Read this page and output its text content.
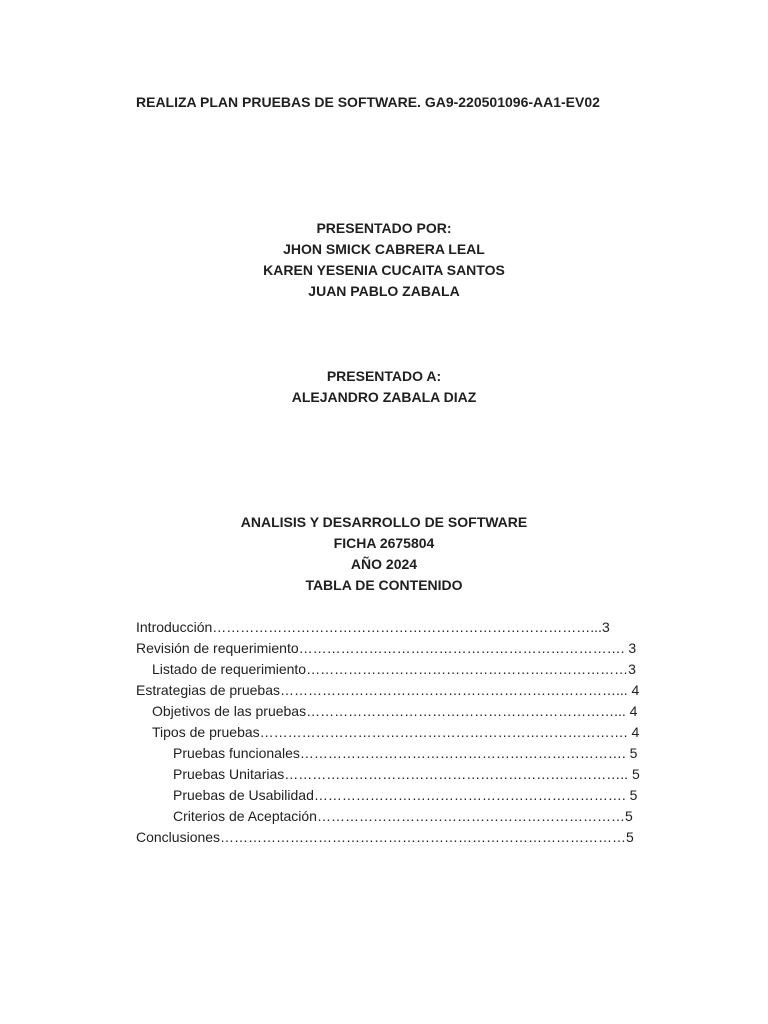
REALIZA PLAN PRUEBAS DE SOFTWARE. GA9-220501096-AA1-EV02
PRESENTADO POR:
JHON SMICK CABRERA LEAL
KAREN YESENIA CUCAITA SANTOS
JUAN PABLO ZABALA
PRESENTADO A:
ALEJANDRO ZABALA DIAZ
ANALISIS Y DESARROLLO DE SOFTWARE
FICHA 2675804
AÑO 2024
TABLA DE CONTENIDO
Introducción………………………………………………………………………...3
Revisión de requerimiento……………………………………………………………. 3
Listado de requerimiento……………………………………………………………3
Estrategias de pruebas………………………………………………………………... 4
Objetivos de las pruebas…………………………………………………………... 4
Tipos de pruebas……………………………………………………………………. 4
Pruebas funcionales……………………………………………………………. 5
Pruebas Unitarias……………………………………………………………….. 5
Pruebas de Usabilidad…………………………………………………………. 5
Criterios de Aceptación…………………………………………………………5
Conclusiones……………………………………………………………………………5
